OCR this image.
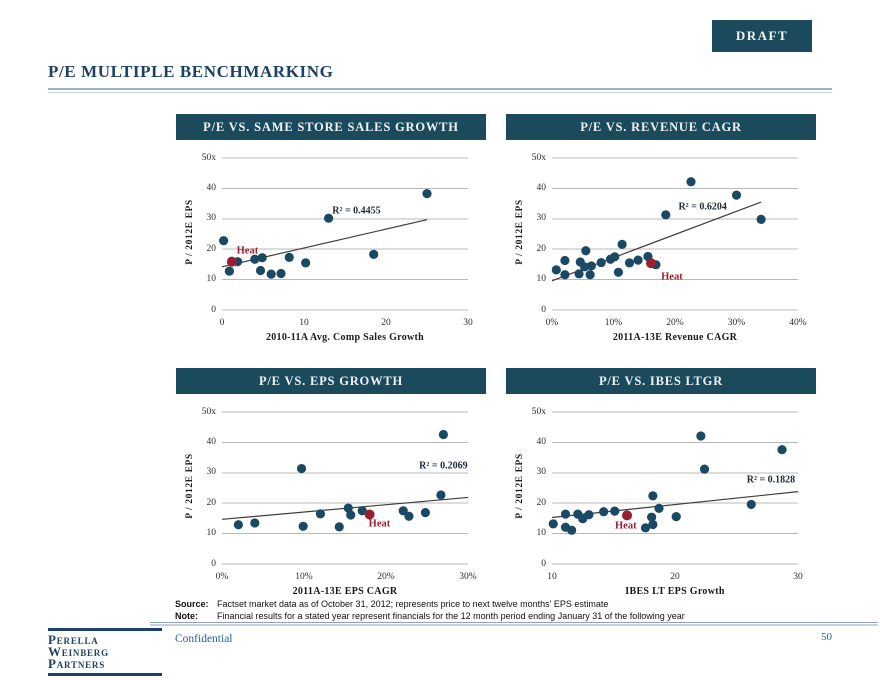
DRAFT
P/E MULTIPLE BENCHMARKING
P/E VS. SAME STORE SALES GROWTH
P / 2012E EPS
2010-11A Avg. Comp Sales Growth
0
10
20
30
40
50x
0	10	20	30
R² = 0.4455
Heat
P/E VS. REVENUE CAGR
P / 2012E EPS
2011A-13E Revenue CAGR
0
10
20
30
40
50x
0%	10%	20%	30%	40%
R² = 0.6204
Heat
P/E VS. EPS GROWTH
P / 2012E EPS
2011A-13E EPS CAGR
0
10
20
30
40
50x
0%	10%	20%	30%
R² = 0.2069
Heat
P/E VS. IBES LTGR
P / 2012E EPS
IBES LT EPS Growth
0
10
20
30
40
50x
10	20	30
R² = 0.1828
Heat
Source: Factset market data as of October 31, 2012; represents price to next twelve months' EPS estimate
Note: Financial results for a stated year represent financials for the 12 month period ending January 31 of the following year
Perella
Weinberg
Partners
Confidential	50
